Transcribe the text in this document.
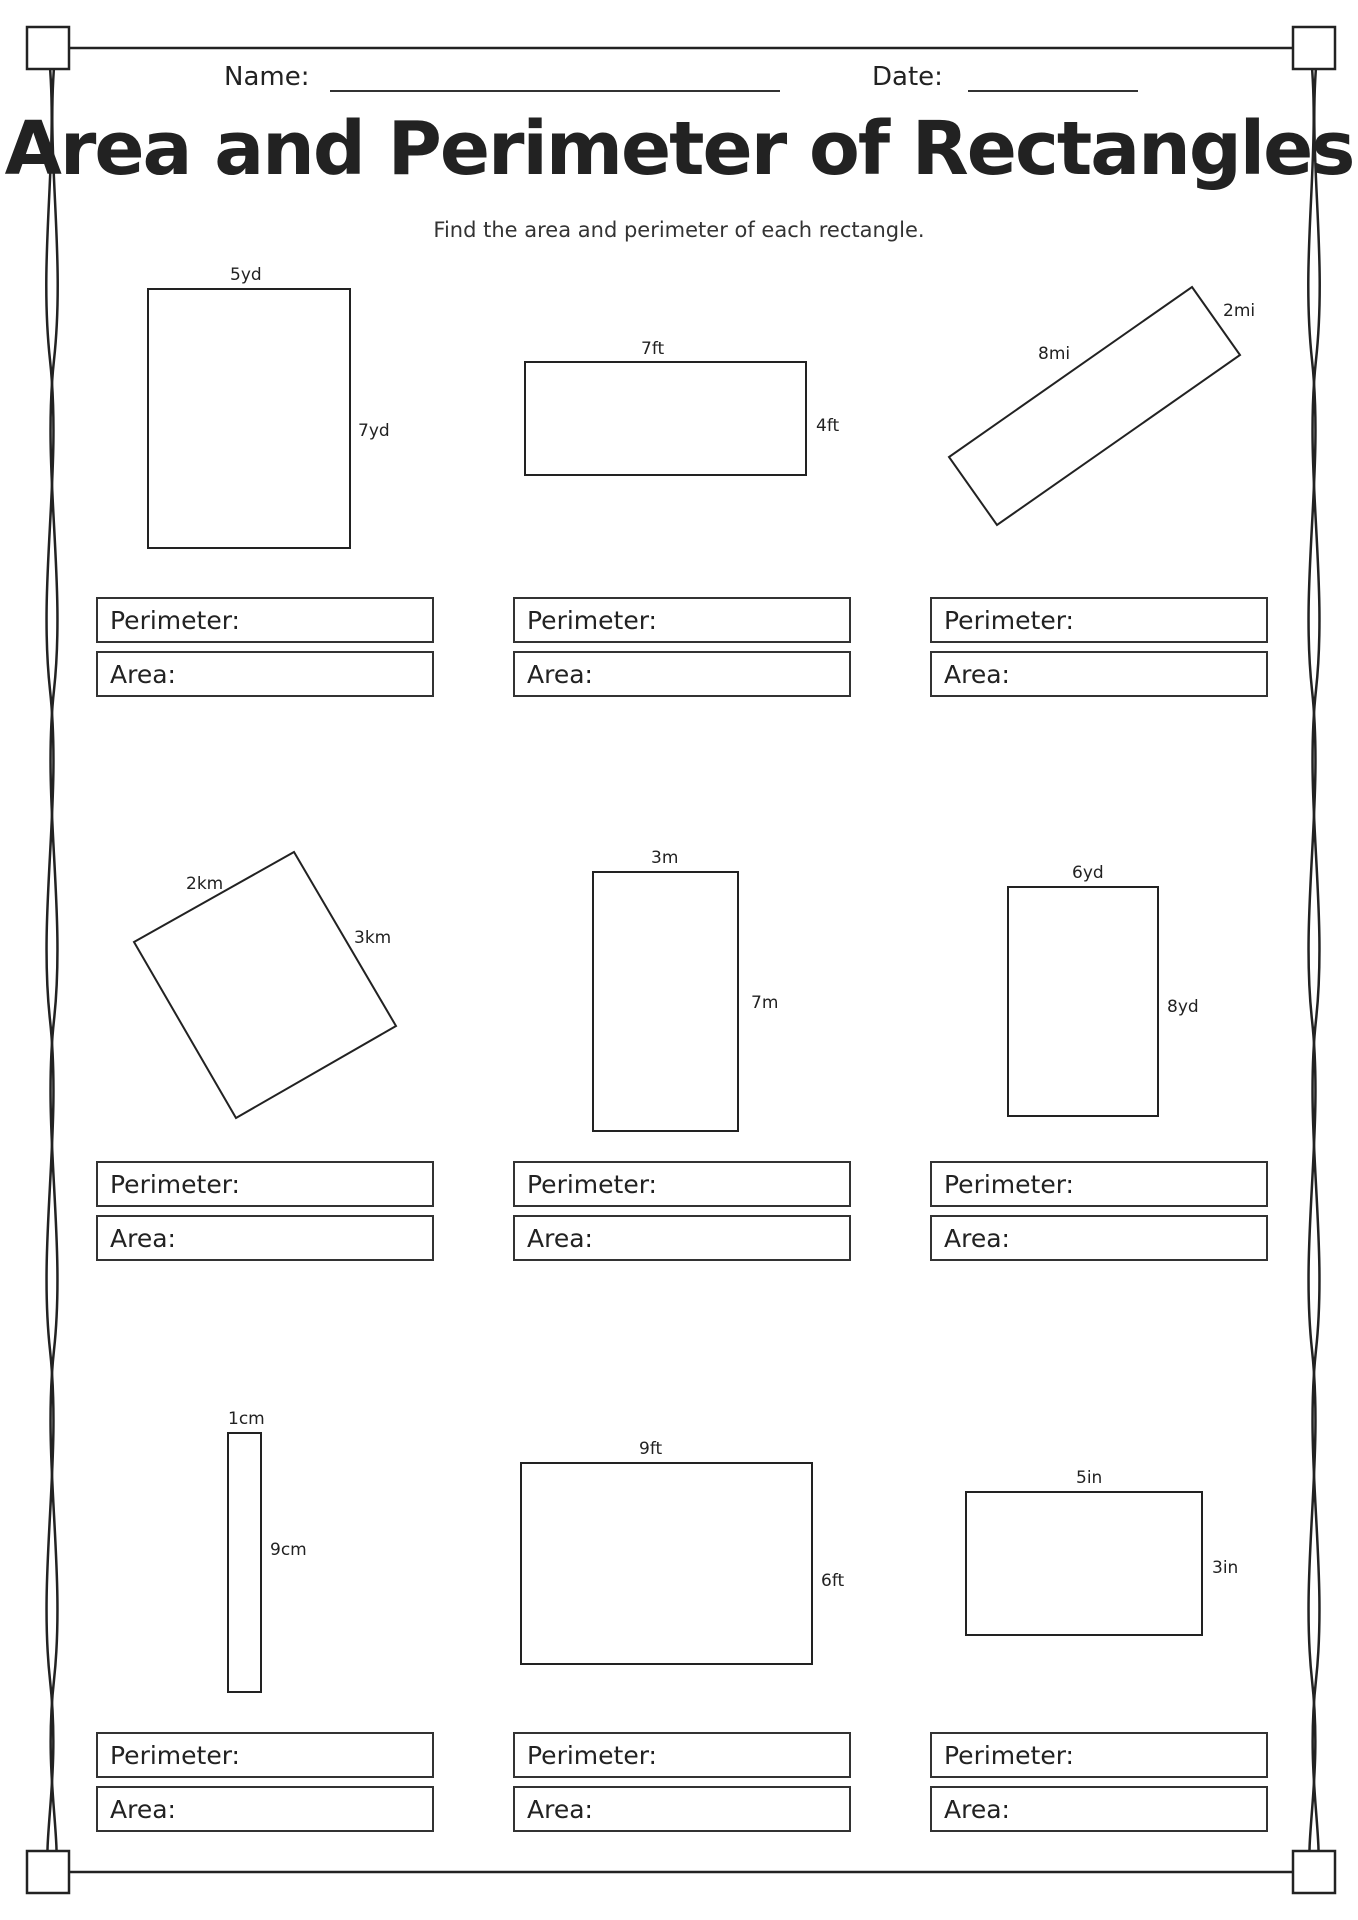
Name:	Date:
Area and Perimeter of Rectangles
Find the area and perimeter of each rectangle.
5yd
7yd
Perimeter:
Area:
7ft
4ft
Perimeter:
Area:
8mi
2mi
Perimeter:
Area:
2km
3km
Perimeter:
Area:
3m
7m
Perimeter:
Area:
6yd
8yd
Perimeter:
Area:
1cm
9cm
Perimeter:
Area:
9ft
6ft
Perimeter:
Area:
5in
3in
Perimeter:
Area:
